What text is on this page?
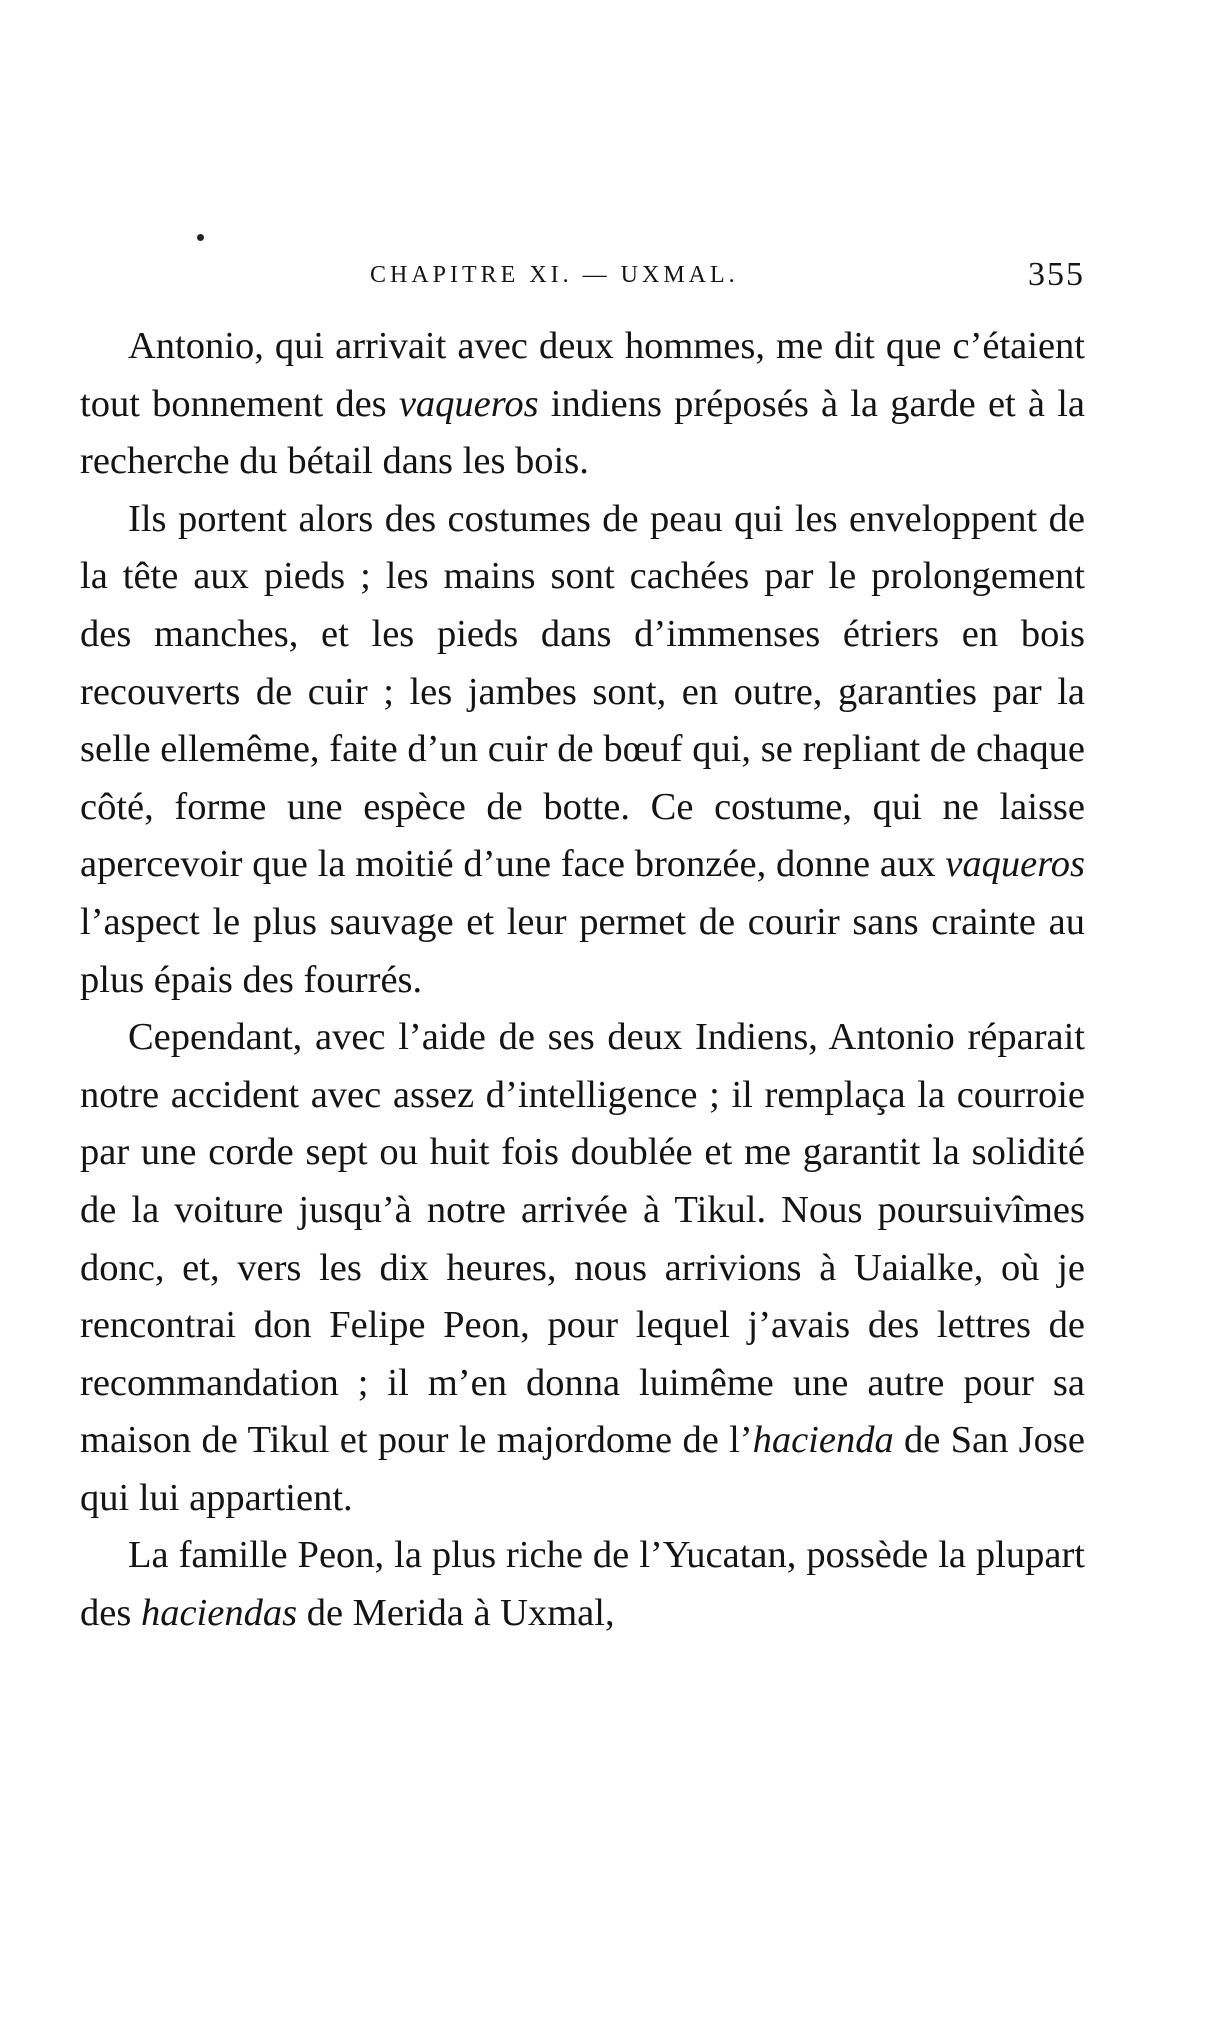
CHAPITRE XI. — UXMAL.	355

Antonio, qui arrivait avec deux hommes, me dit que c’étaient tout bonnement des vaqueros indiens préposés à la garde et à la recherche du bétail dans les bois.

Ils portent alors des costumes de peau qui les enveloppent de la tête aux pieds ; les mains sont cachées par le prolongement des manches, et les pieds dans d’immenses étriers en bois recouverts de cuir ; les jambes sont, en outre, garanties par la selle ellemême, faite d’un cuir de bœuf qui, se repliant de chaque côté, forme une espèce de botte. Ce costume, qui ne laisse apercevoir que la moitié d’une face bronzée, donne aux vaqueros l’aspect le plus sauvage et leur permet de courir sans crainte au plus épais des fourrés.

Cependant, avec l’aide de ses deux Indiens, Antonio réparait notre accident avec assez d’intelligence ; il remplaça la courroie par une corde sept ou huit fois doublée et me garantit la solidité de la voiture jusqu’à notre arrivée à Tikul. Nous poursuivîmes donc, et, vers les dix heures, nous arrivions à Uaialke, où je rencontrai don Felipe Peon, pour lequel j’avais des lettres de recommandation ; il m’en donna luimême une autre pour sa maison de Tikul et pour le majordome de l’hacienda de San Jose qui lui appartient.

La famille Peon, la plus riche de l’Yucatan, possède la plupart des haciendas de Merida à Uxmal,
